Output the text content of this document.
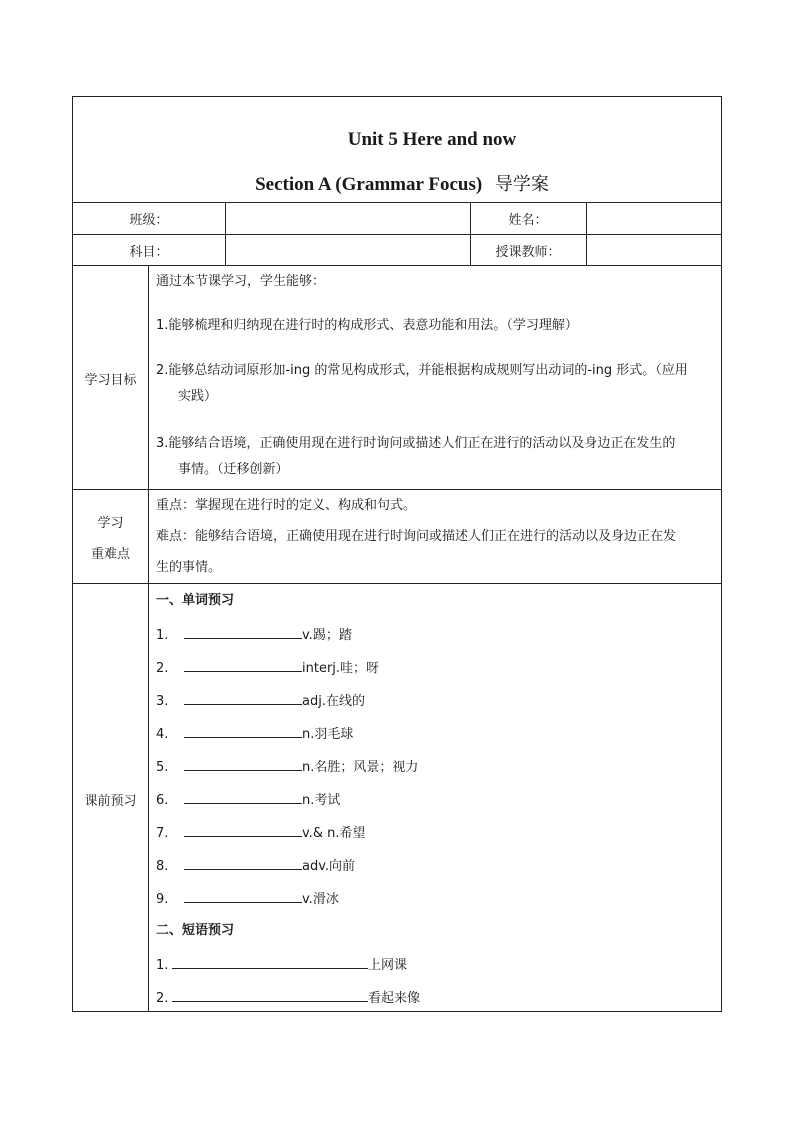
Unit 5 Here and now
Section A (Grammar Focus) 导学案
班级：	姓名：
科目：	授课教师：
学习目标
通过本节课学习，学生能够：
1.能够梳理和归纳现在进行时的构成形式、表意功能和用法。（学习理解）
2.能够总结动词原形加-ing 的常见构成形式，并能根据构成规则写出动词的-ing 形式。（应用
实践）
3.能够结合语境，正确使用现在进行时询问或描述人们正在进行的活动以及身边正在发生的
事情。（迁移创新）
学习
重难点
重点：掌握现在进行时的定义、构成和句式。
难点：能够结合语境，正确使用现在进行时询问或描述人们正在进行的活动以及身边正在发
生的事情。
课前预习
一、单词预习
1.	v.踢；踏
2.	interj.哇；呀
3.	adj.在线的
4.	n.羽毛球
5.	n.名胜；风景；视力
6.	n.考试
7.	v.& n.希望
8.	adv.向前
9.	v.滑冰
二、短语预习
1.	上网课
2.	看起来像
